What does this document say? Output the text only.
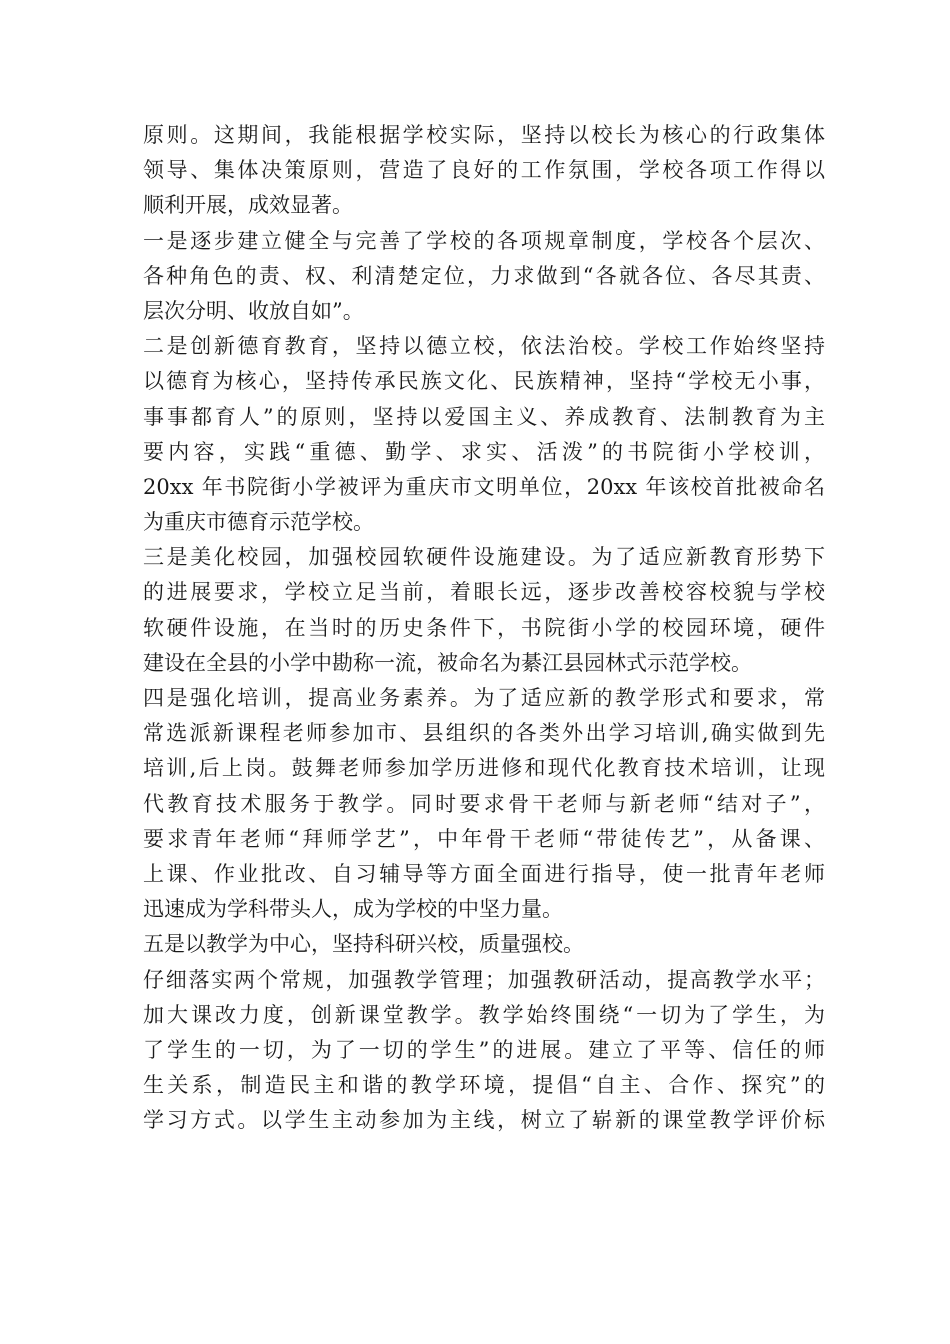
原则。这期间，我能根据学校实际，坚持以校长为核心的行政集体
领导、集体决策原则，营造了良好的工作氛围，学校各项工作得以
顺利开展，成效显著。
一是逐步建立健全与完善了学校的各项规章制度，学校各个层次、
各种角色的责、权、利清楚定位，力求做到“各就各位、各尽其责、
层次分明、收放自如”。
二是创新德育教育，坚持以德立校，依法治校。学校工作始终坚持
以德育为核心，坚持传承民族文化、民族精神，坚持“学校无小事，
事事都育人”的原则，坚持以爱国主义、养成教育、法制教育为主
要内容，实践“重德、勤学、求实、活泼”的书院街小学校训，
20xx 年书院街小学被评为重庆市文明单位，20xx 年该校首批被命名
为重庆市德育示范学校。
三是美化校园，加强校园软硬件设施建设。为了适应新教育形势下
的进展要求，学校立足当前，着眼长远，逐步改善校容校貌与学校
软硬件设施，在当时的历史条件下，书院街小学的校园环境，硬件
建设在全县的小学中勘称一流，被命名为綦江县园林式示范学校。
四是强化培训，提高业务素养。为了适应新的教学形式和要求，常
常选派新课程老师参加市、县组织的各类外出学习培训,确实做到先
培训,后上岗。鼓舞老师参加学历进修和现代化教育技术培训，让现
代教育技术服务于教学。同时要求骨干老师与新老师“结对子”，
要求青年老师“拜师学艺”，中年骨干老师“带徒传艺”，从备课、
上课、作业批改、自习辅导等方面全面进行指导，使一批青年老师
迅速成为学科带头人，成为学校的中坚力量。
五是以教学为中心，坚持科研兴校，质量强校。
仔细落实两个常规，加强教学管理；加强教研活动，提高教学水平；
加大课改力度，创新课堂教学。教学始终围绕“一切为了学生，为
了学生的一切，为了一切的学生”的进展。建立了平等、信任的师
生关系，制造民主和谐的教学环境，提倡“自主、合作、探究”的
学习方式。以学生主动参加为主线，树立了崭新的课堂教学评价标
